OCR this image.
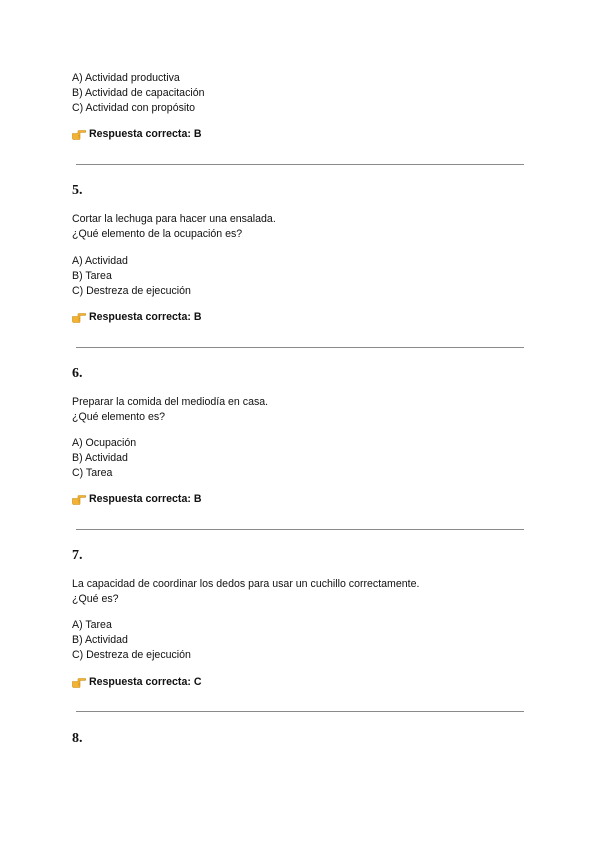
A) Actividad productiva
B) Actividad de capacitación
C) Actividad con propósito
Respuesta correcta: B
5.
Cortar la lechuga para hacer una ensalada.
¿Qué elemento de la ocupación es?
A) Actividad
B) Tarea
C) Destreza de ejecución
Respuesta correcta: B
6.
Preparar la comida del mediodía en casa.
¿Qué elemento es?
A) Ocupación
B) Actividad
C) Tarea
Respuesta correcta: B
7.
La capacidad de coordinar los dedos para usar un cuchillo correctamente.
¿Qué es?
A) Tarea
B) Actividad
C) Destreza de ejecución
Respuesta correcta: C
8.
